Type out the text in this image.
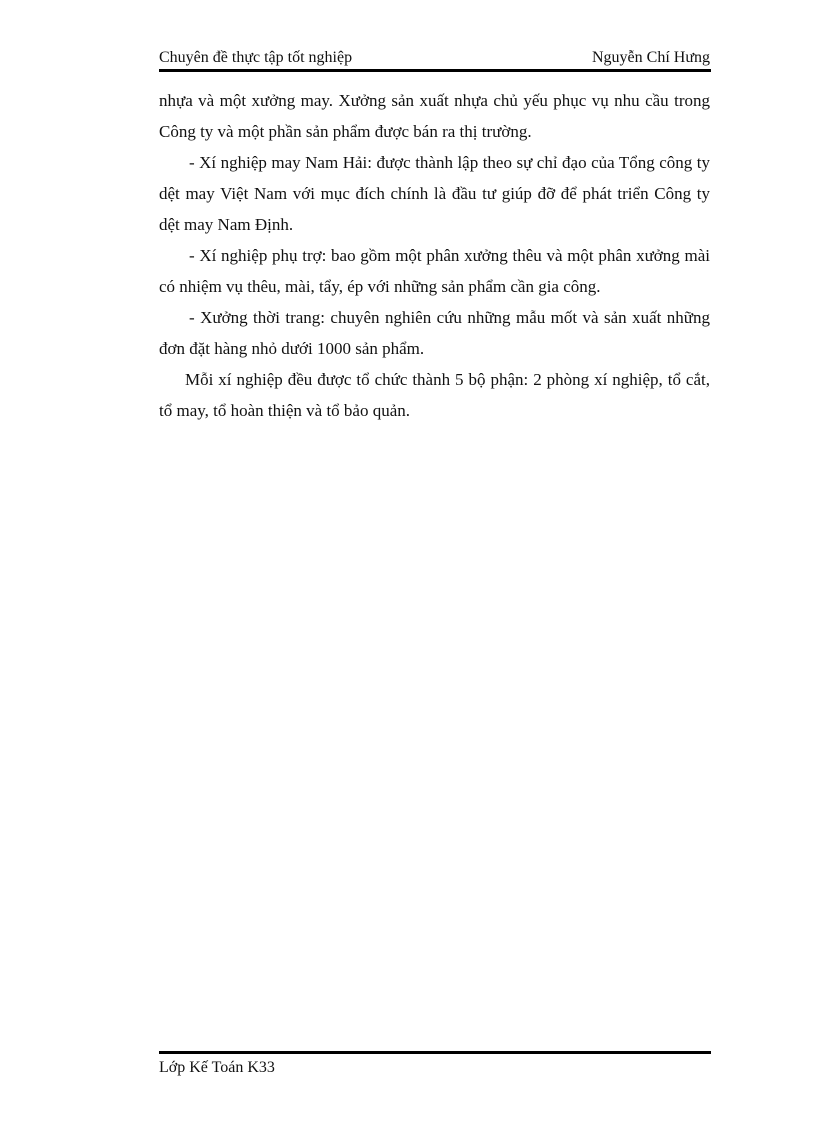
Chuyên đề thực tập tốt nghiệp	Nguyễn Chí Hưng

nhựa và một xưởng may. Xưởng sản xuất nhựa chủ yếu phục vụ nhu cầu trong Công ty và một phần sản phẩm được bán ra thị trường.

- Xí nghiệp may Nam Hải: được thành lập theo sự chỉ đạo của Tổng công ty dệt may Việt Nam với mục đích chính là đầu tư giúp đỡ để phát triển Công ty dệt may Nam Định.

- Xí nghiệp phụ trợ: bao gồm một phân xưởng thêu và một phân xưởng mài có nhiệm vụ thêu, mài, tẩy, ép với những sản phẩm cần gia công.

- Xưởng thời trang: chuyên nghiên cứu những mẫu mốt và sản xuất những đơn đặt hàng nhỏ dưới 1000 sản phẩm.

Mỗi xí nghiệp đều được tổ chức thành 5 bộ phận: 2 phòng xí nghiệp, tổ cắt, tổ may, tổ hoàn thiện và tổ bảo quản.

Lớp Kế Toán K33
